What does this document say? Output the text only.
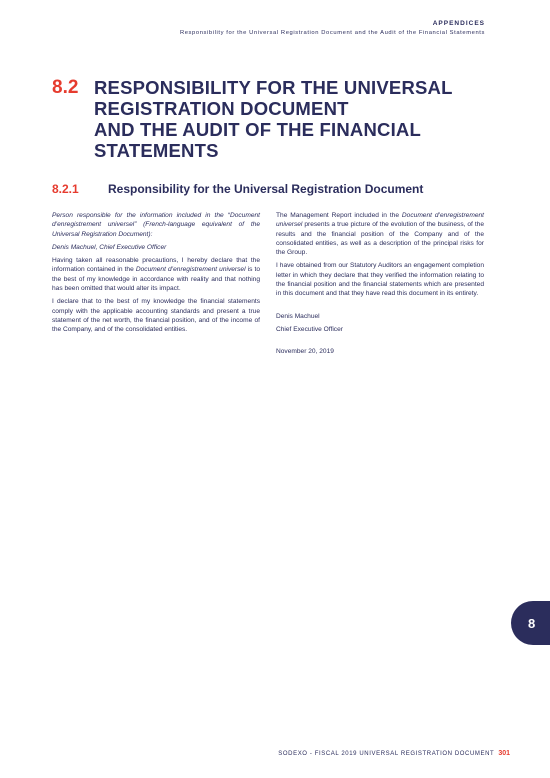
APPENDICES
Responsibility for the Universal Registration Document and the Audit of the Financial Statements
8.2 RESPONSIBILITY FOR THE UNIVERSAL
REGISTRATION DOCUMENT
AND THE AUDIT OF THE FINANCIAL
STATEMENTS
8.2.1 Responsibility for the Universal Registration Document

Person responsible for the information included in the “Document d’enregistrement universel” (French-language equivalent of the Universal Registration Document):

Denis Machuel, Chief Executive Officer

Having taken all reasonable precautions, I hereby declare that the information contained in the Document d’enregistrement universel is to the best of my knowledge in accordance with reality and that nothing has been omitted that would alter its impact.

I declare that to the best of my knowledge the financial statements comply with the applicable accounting standards and present a true statement of the net worth, the financial position, and of the income of the Company, and of the consolidated entities.

The Management Report included in the Document d’enregistrement universel presents a true picture of the evolution of the business, of the results and the financial position of the Company and of the consolidated entities, as well as a description of the principal risks for the Group.

I have obtained from our Statutory Auditors an engagement completion letter in which they declare that they verified the information relating to the financial position and the financial statements which are presented in this document and that they have read this document in its entirety.

Denis Machuel

Chief Executive Officer

November 20, 2019

8
SODEXO - FISCAL 2019 UNIVERSAL REGISTRATION DOCUMENT 301
